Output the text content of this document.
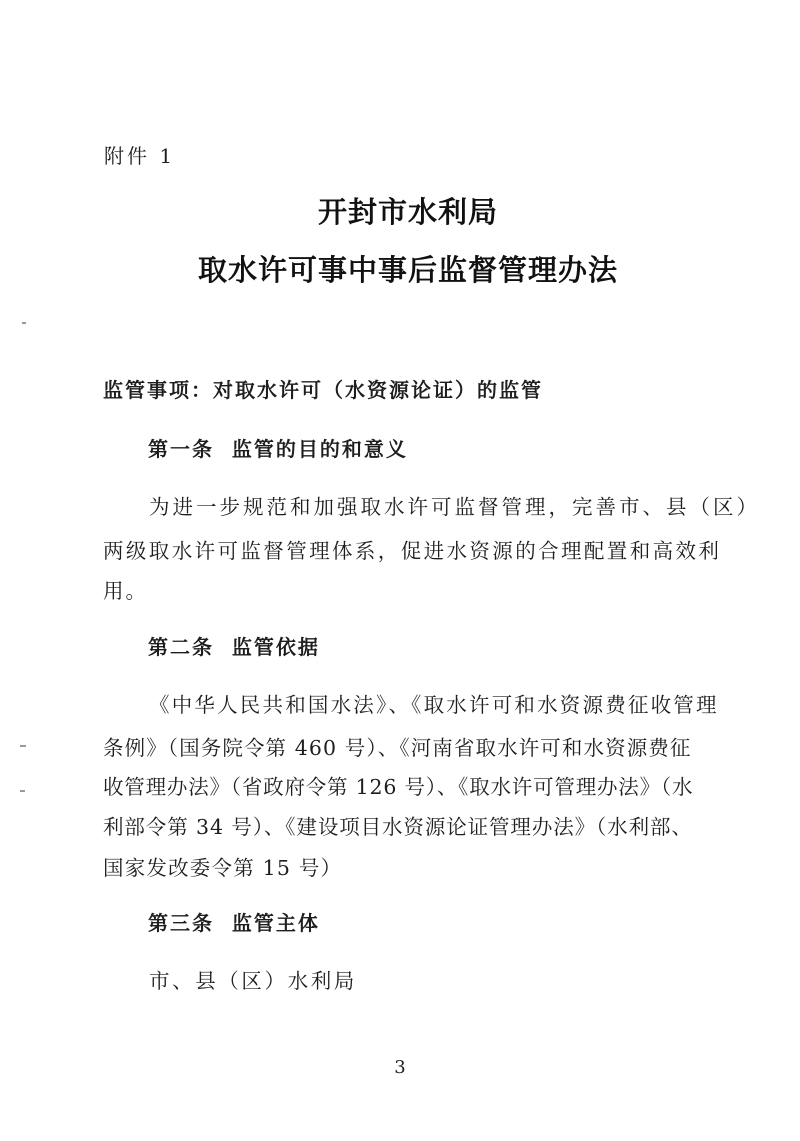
附件 1
开封市水利局
取水许可事中事后监督管理办法
监管事项：对取水许可（水资源论证）的监管
第一条  监管的目的和意义
为进一步规范和加强取水许可监督管理，完善市、县（区）
两级取水许可监督管理体系，促进水资源的合理配置和高效利
用。
第二条  监管依据
《中华人民共和国水法》、《取水许可和水资源费征收管理
条例》（国务院令第 460 号）、《河南省取水许可和水资源费征
收管理办法》（省政府令第 126 号）、《取水许可管理办法》（水
利部令第 34 号）、《建设项目水资源论证管理办法》（水利部、
国家发改委令第 15 号）
第三条  监管主体
市、县（区）水利局
3
